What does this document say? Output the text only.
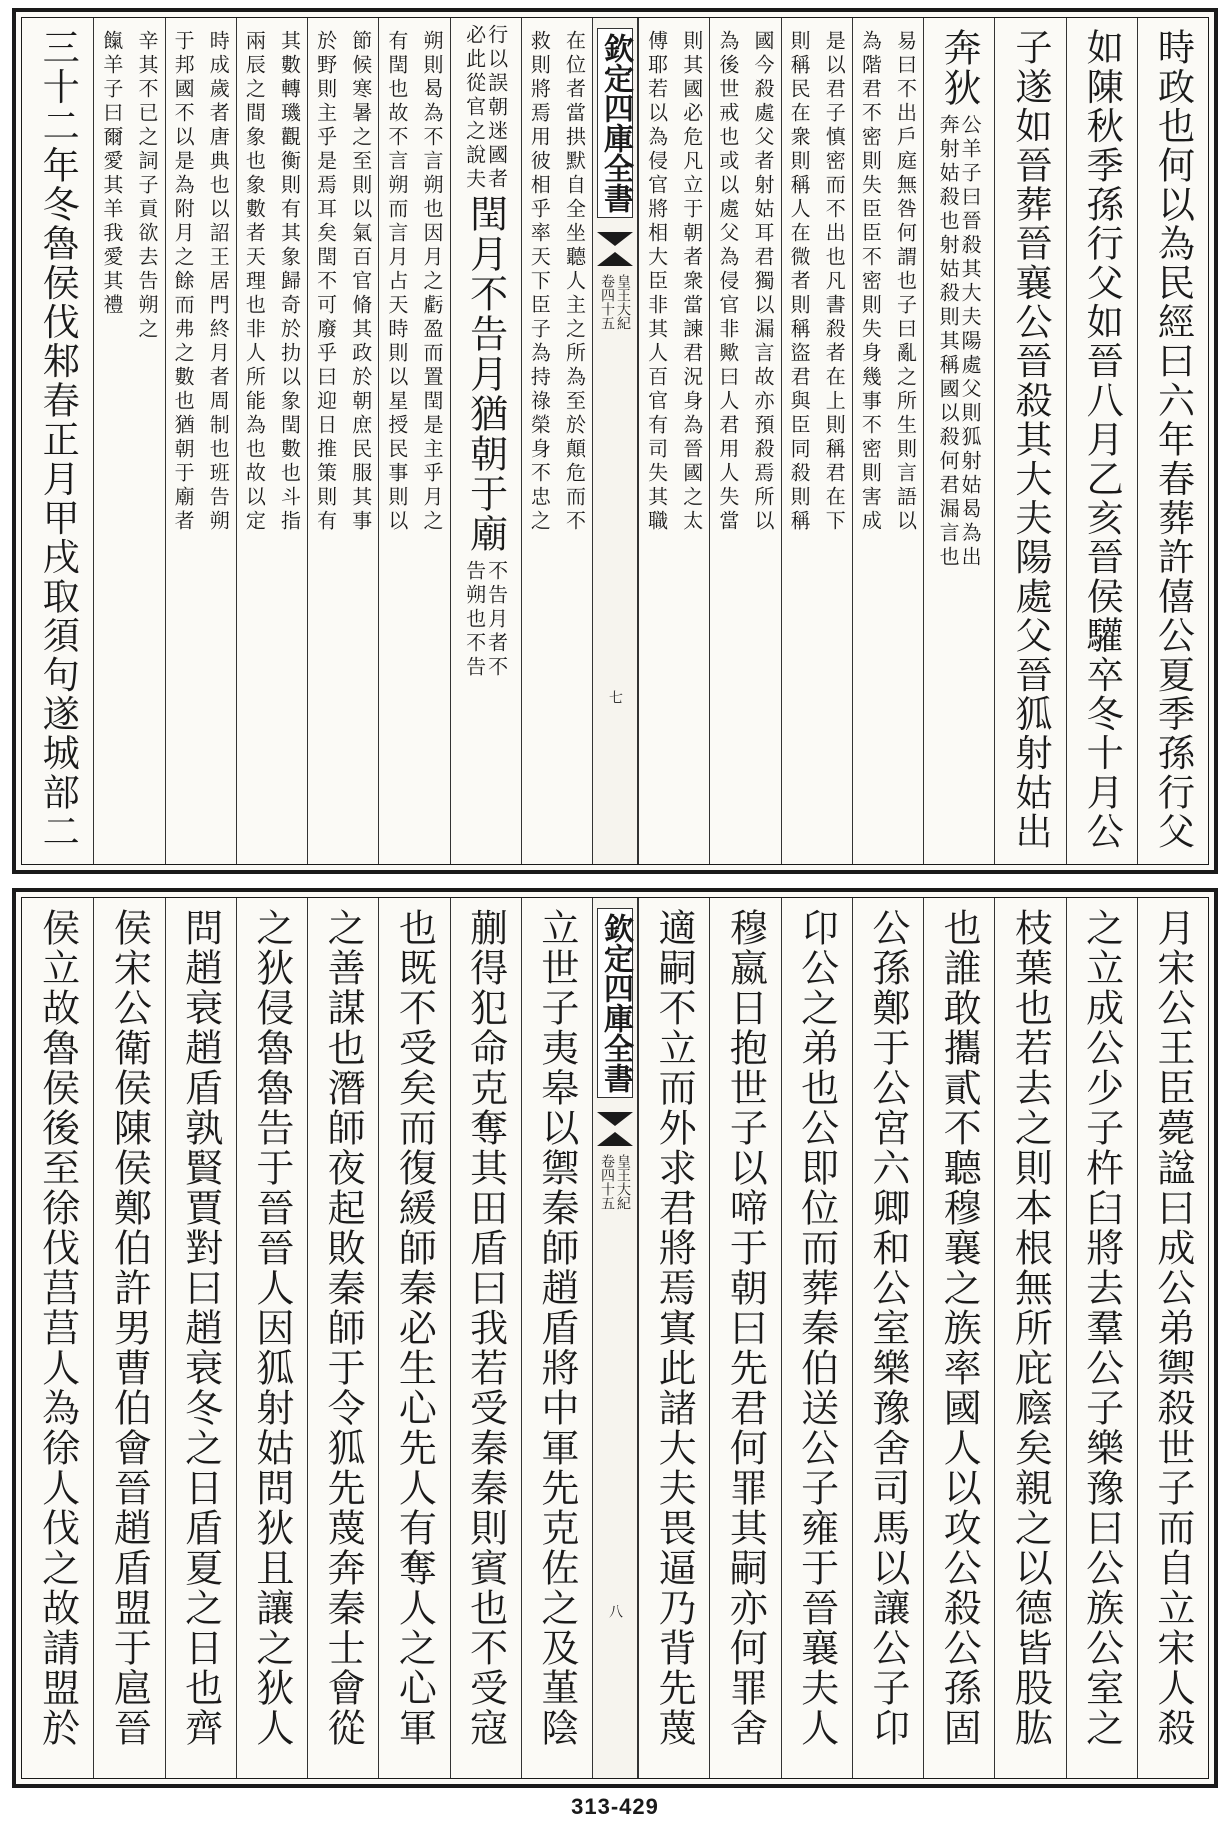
時政也何以為民經曰六年春葬許僖公夏季孫行父
如陳秋季孫行父如晉八月乙亥晉侯驩卒冬十月公
子遂如晉葬晉襄公晉殺其大夫陽處父晉狐射姑出
奔狄
公羊子曰晉殺其大夫陽處父則狐射姑曷為出
奔射姑殺也射姑殺則其稱國以殺何君漏言也
易曰不出戶庭無咎何謂也子曰亂之所生則言語以
為階君不密則失臣臣不密則失身幾事不密則害成
是以君子慎密而不出也凡書殺者在上則稱君在下
則稱民在衆則稱人在微者則稱盜君與臣同殺則稱
國今殺處父者射姑耳君獨以漏言故亦預殺焉所以
為後世戒也或以處父為侵官非歟曰人君用人失當
則其國必危凡立于朝者衆當諫君況身為晉國之太
傅耶若以為侵官將相大臣非其人百官有司失其職
欽定四庫全書
皇王大紀
卷四十五
七
在位者當拱默自全坐聽人主之所為至於顛危而不
救則將焉用彼相乎率天下臣子為持祿榮身不忠之
行以誤朝迷國者
必此從官之說夫
閏月不告月猶朝于廟
不告月者不
告朔也不告
朔則曷為不言朔也因月之虧盈而置閏是主乎月之
有閏也故不言朔而言月占天時則以星授民事則以
節候寒暑之至則以氣百官脩其政於朝庶民服其事
於野則主乎是焉耳矣閏不可廢乎曰迎日推策則有
其數轉璣觀衡則有其象歸奇於扐以象閏數也斗指
兩辰之間象也象數者天理也非人所能為也故以定
時成歲者唐典也以詔王居門終月者周制也班告朔
于邦國不以是為附月之餘而弗之數也猶朝于廟者
辛其不已之詞子貢欲去告朔之
餼羊子曰爾愛其羊我愛其禮
三十二年冬魯侯伐邾春正月甲戌取須句遂城部二
月宋公王臣薨諡曰成公弟禦殺世子而自立宋人殺
之立成公少子杵臼將去羣公子樂豫曰公族公室之
枝葉也若去之則本根無所庇廕矣親之以德皆股肱
也誰敢攜貳不聽穆襄之族率國人以攻公殺公孫固
公孫鄭于公宮六卿和公室樂豫舍司馬以讓公子卬
卬公之弟也公即位而葬秦伯送公子雍于晉襄夫人
穆嬴日抱世子以啼于朝曰先君何罪其嗣亦何罪舍
適嗣不立而外求君將焉寘此諸大夫畏逼乃背先蔑
欽定四庫全書
皇王大紀
卷四十五
八
立世子夷皋以禦秦師趙盾將中軍先克佐之及堇陰
蒯得犯命克奪其田盾曰我若受秦秦則賓也不受寇
也既不受矣而復緩師秦必生心先人有奪人之心軍
之善謀也潛師夜起敗秦師于令狐先蔑奔秦士會從
之狄侵魯魯告于晉晉人因狐射姑問狄且讓之狄人
問趙衰趙盾孰賢賈對曰趙衰冬之日盾夏之日也齊
侯宋公衛侯陳侯鄭伯許男曹伯會晉趙盾盟于扈晉
侯立故魯侯後至徐伐莒莒人為徐人伐之故請盟於
313-429
